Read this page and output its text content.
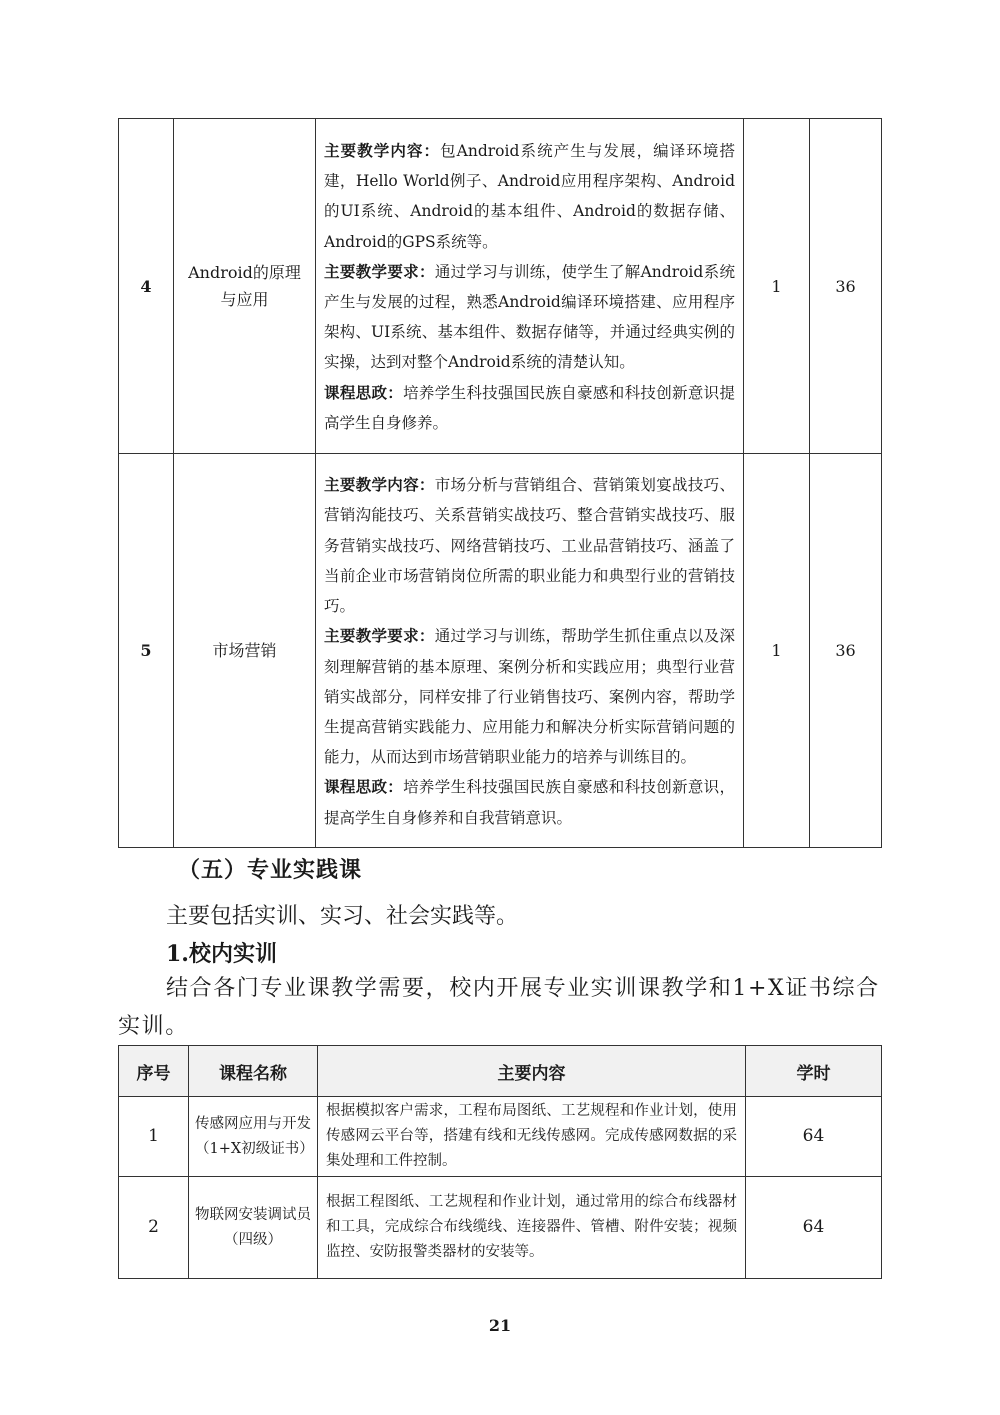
4	Android的原理与应用	主要教学内容：包Android系统产生与发展，编译环境搭建，Hello World例子、Android应用程序架构、Android的UI系统、Android的基本组件、Android的数据存储、 Android的GPS系统等。

主要教学要求：通过学习与训练，使学生了解Android系统产生与发展的过程，熟悉Android编译环境搭建、应用程序架构、UI系统、基本组件、数据存储等，并通过经典实例的实操，达到对整个Android系统的清楚认知。

课程思政：培养学生科技强国民族自豪感和科技创新意识提高学生自身修养。	1	36
5	市场营销	主要教学内容：市场分析与营销组合、营销策划宴战技巧、营销沟能技巧、关系营销实战技巧、整合营销实战技巧、服务营销实战技巧、网络营销技巧、工业品营销技巧、涵盖了当前企业市场营销岗位所需的职业能力和典型行业的营销技巧。

主要教学要求：通过学习与训练，帮助学生抓住重点以及深刻理解营销的基本原理、案例分析和实践应用；典型行业营销实战部分，同样安排了行业销售技巧、案例内容，帮助学生提高营销实践能力、应用能力和解决分析实际营销问题的能力，从而达到市场营销职业能力的培养与训练目的。

课程思政：培养学生科技强国民族自豪感和科技创新意识，提高学生自身修养和自我营销意识。	1	36
（五）专业实践课

主要包括实训、实习、社会实践等。

1.校内实训

结合各门专业课教学需要，校内开展专业实训课教学和1+X证书综合实训。

序号	课程名称	主要内容	学时
1	传感网应用与开发（1+X初级证书）	根据模拟客户需求，工程布局图纸、工艺规程和作业计划，使用传感网云平台等，搭建有线和无线传感网。完成传感网数据的采集处理和工件控制。	64
2	物联网安装调试员（四级）	根据工程图纸、工艺规程和作业计划，通过常用的综合布线器材和工具，完成综合布线缆线、连接器件、管槽、附件安装；视频监控、安防报警类器材的安装等。	64
21
